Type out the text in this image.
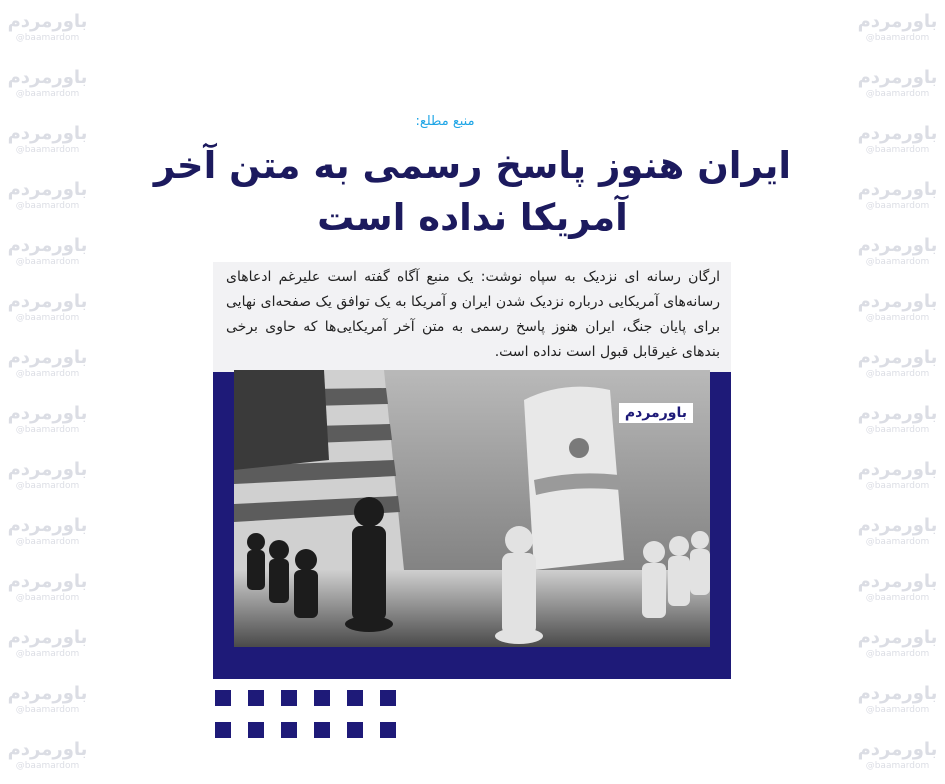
باورمردم
@baamardom
باورمردم
@baamardom
باورمردم
@baamardom
باورمردم
@baamardom
باورمردم
@baamardom
باورمردم
@baamardom
باورمردم
@baamardom
باورمردم
@baamardom
باورمردم
@baamardom
باورمردم
@baamardom
باورمردم
@baamardom
باورمردم
@baamardom
باورمردم
@baamardom
باورمردم
@baamardom
باورمردم
@baamardom
باورمردم
@baamardom
باورمردم
@baamardom
باورمردم
@baamardom
باورمردم
@baamardom
باورمردم
@baamardom
باورمردم
@baamardom
باورمردم
@baamardom
باورمردم
@baamardom
باورمردم
@baamardom
باورمردم
@baamardom
باورمردم
@baamardom
باورمردم
@baamardom
باورمردم
@baamardom
منبع مطلع:
ایران هنوز پاسخ رسمی به متن آخر
آمریکا نداده است
ارگان رسانه ای نزدیک به سپاه نوشت: یک منبع آگاه گفته است علیرغم ادعاهای رسانه‌های آمریکایی درباره نزدیک شدن ایران و آمریکا به یک توافق یک صفحه‌ای نهایی برای پایان جنگ، ایران هنوز پاسخ رسمی به متن آخر آمریکایی‌ها که حاوی برخی بندهای غیرقابل قبول است نداده است.
باورمردم
